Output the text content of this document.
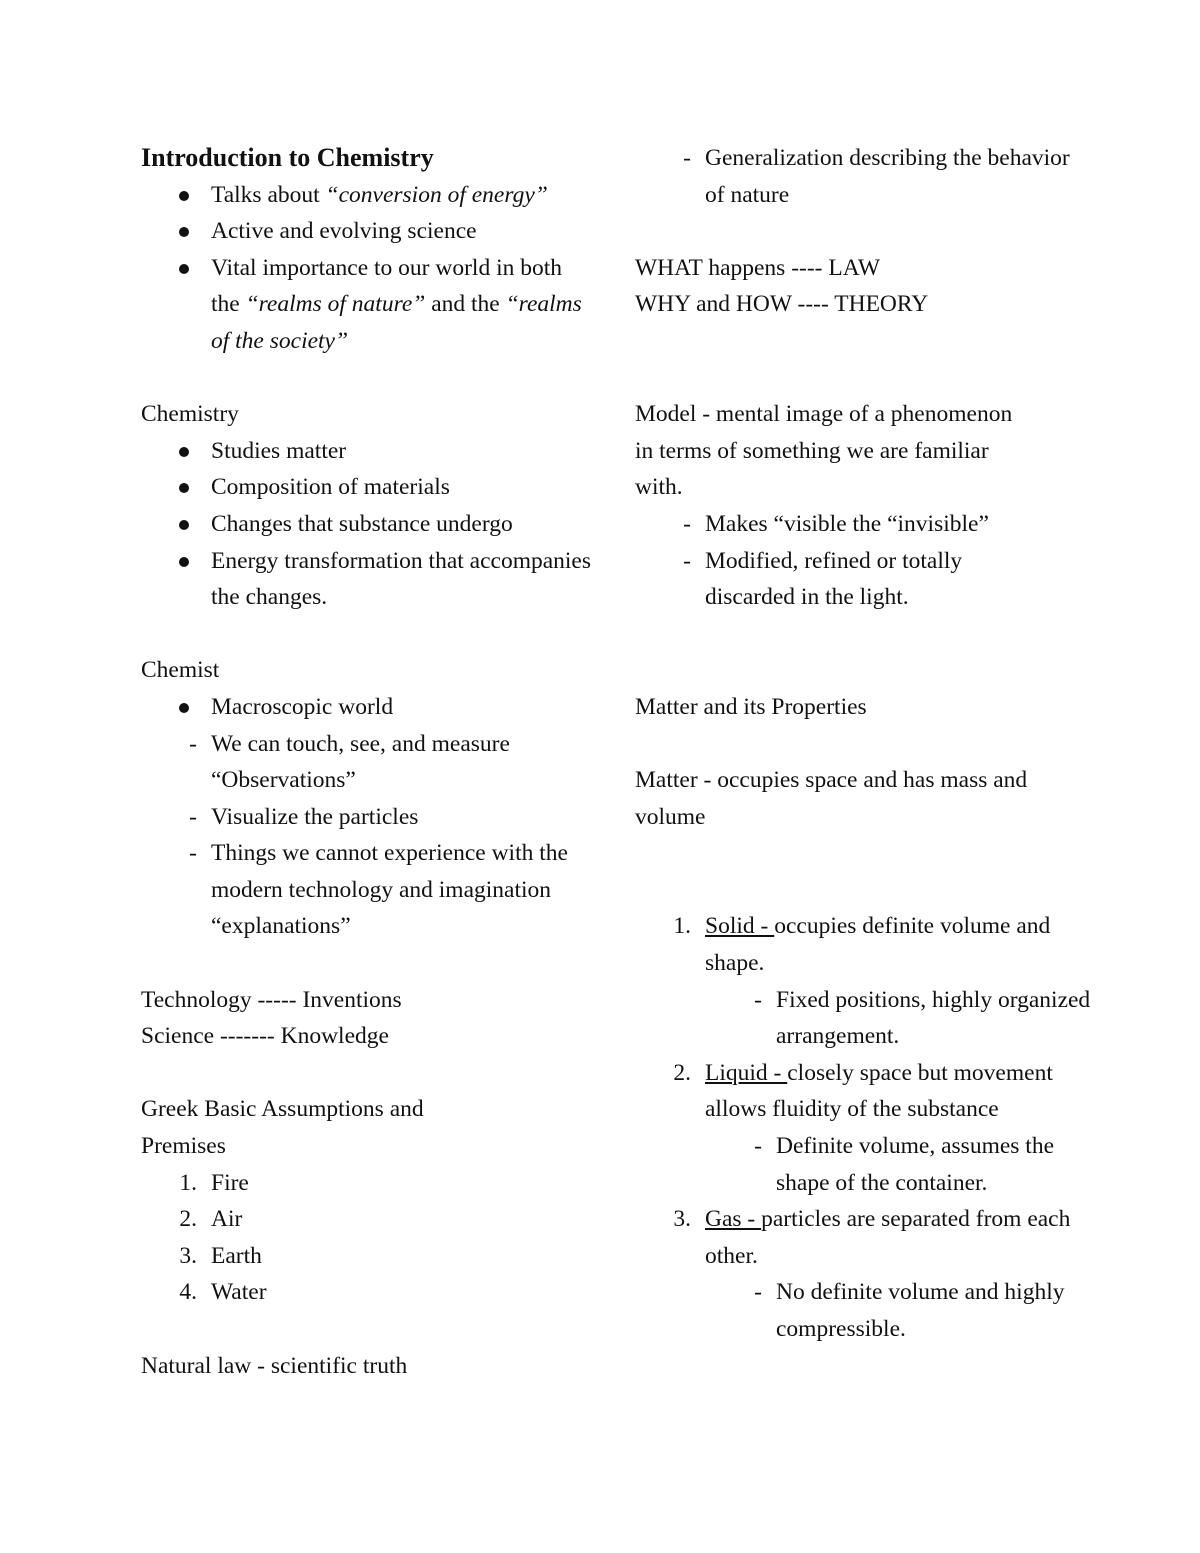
Introduction to Chemistry

Talks about “conversion of energy”
Active and evolving science
Vital importance to our world in both the “realms of nature” and the “realms of the society”

Chemistry

Studies matter
Composition of materials
Changes that substance undergo
Energy transformation that accompanies the changes.

Chemist

Macroscopic world
- We can touch, see, and measure “Observations”
- Visualize the particles
- Things we cannot experience with the modern technology and imagination “explanations”

Technology ----- Inventions

Science ------- Knowledge

Greek Basic Assumptions and Premises

1. Fire
2. Air
3. Earth
4. Water

Natural law - scientific truth

- Generalization describing the behavior of nature

WHAT happens ---- LAW

WHY and HOW ---- THEORY

Model - mental image of a phenomenon in terms of something we are familiar with.

- Makes “visible the “invisible”
- Modified, refined or totally discarded in the light.

Matter and its Properties

Matter - occupies space and has mass and volume

1. Solid - occupies definite volume and shape.
- Fixed positions, highly organized arrangement.
2. Liquid - closely space but movement allows fluidity of the substance
- Definite volume, assumes the shape of the container.
3. Gas - particles are separated from each other.
- No definite volume and highly compressible.
